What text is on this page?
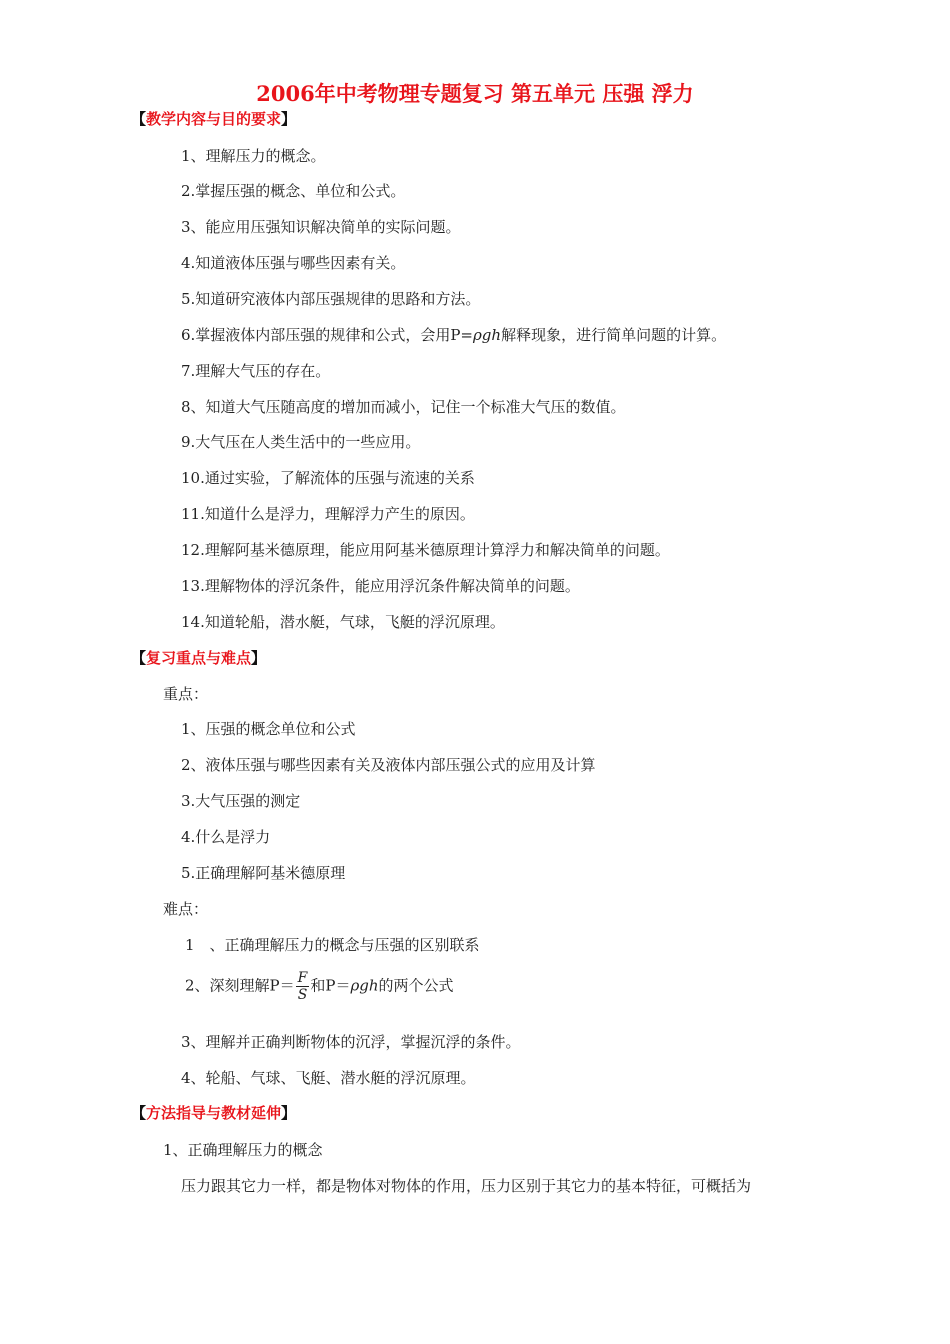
2006年中考物理专题复习 第五单元 压强 浮力
【教学内容与目的要求】
1、理解压力的概念。
2.掌握压强的概念、单位和公式。
3、能应用压强知识解决简单的实际问题。
4.知道液体压强与哪些因素有关。
5.知道研究液体内部压强规律的思路和方法。
6.掌握液体内部压强的规律和公式，会用P=ρgh解释现象，进行简单问题的计算。
7.理解大气压的存在。
8、知道大气压随高度的增加而减小，记住一个标准大气压的数值。
9.大气压在人类生活中的一些应用。
10.通过实验，了解流体的压强与流速的关系
11.知道什么是浮力，理解浮力产生的原因。
12.理解阿基米德原理，能应用阿基米德原理计算浮力和解决简单的问题。
13.理解物体的浮沉条件，能应用浮沉条件解决简单的问题。
14.知道轮船，潜水艇，气球，飞艇的浮沉原理。
【复习重点与难点】
重点：
1、压强的概念单位和公式
2、液体压强与哪些因素有关及液体内部压强公式的应用及计算
3.大气压强的测定
4.什么是浮力
5.正确理解阿基米德原理
难点：
1　、正确理解压力的概念与压强的区别联系
2、深刻理解$P= \frac{F}{S}$ 和P＝ρgh的两个公式
3、理解并正确判断物体的沉浮，掌握沉浮的条件。
4、轮船、气球、飞艇、潜水艇的浮沉原理。
【方法指导与教材延伸】
1、正确理解压力的概念
压力跟其它力一样，都是物体对物体的作用，压力区别于其它力的基本特征，可概括为
